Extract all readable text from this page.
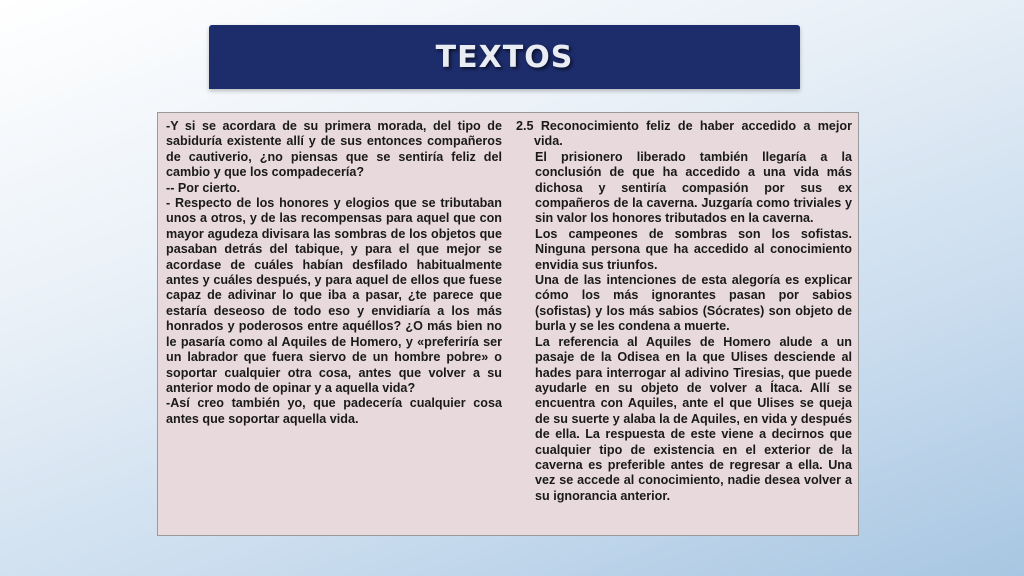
TEXTOS

-Y si se acordara de su primera morada, del tipo de sabiduría existente allí y de sus entonces compañeros de cautiverio, ¿no piensas que se sentiría feliz del cambio y que los compadecería?

-- Por cierto.

- Respecto de los honores y elogios que se tributaban unos a otros, y de las recompensas para aquel que con mayor agudeza divisara las sombras de los objetos que pasaban detrás del tabique, y para el que mejor se acordase de cuáles habían desfilado habitualmente antes y cuáles después, y para aquel de ellos que fuese capaz de adivinar lo que iba a pasar, ¿te parece que estaría deseoso de todo eso y envidiaría a los más honrados y poderosos entre aquéllos? ¿O más bien no le pasaría como al Aquiles de Homero, y «preferiría ser un labrador que fuera siervo de un hombre pobre» o soportar cualquier otra cosa, antes que volver a su anterior modo de opinar y a aquella vida?

-Así creo también yo, que padecería cualquier cosa antes que soportar aquella vida.

2.5 Reconocimiento feliz de haber accedido a mejor vida.

El prisionero liberado también llegaría a la conclusión de que ha accedido a una vida más dichosa y sentiría compasión por sus ex compañeros de la caverna. Juzgaría como triviales y sin valor los honores tributados en la caverna.

Los campeones de sombras son los sofistas. Ninguna persona que ha accedido al conocimiento envidia sus triunfos.

Una de las intenciones de esta alegoría es explicar cómo los más ignorantes pasan por sabios (sofistas) y los más sabios (Sócrates) son objeto de burla y se les condena a muerte.

La referencia al Aquiles de Homero alude a un pasaje de la Odisea en la que Ulises desciende al hades para interrogar al adivino Tiresias, que puede ayudarle en su objeto de volver a Ítaca. Allí se encuentra con Aquiles, ante el que Ulises se queja de su suerte y alaba la de Aquiles, en vida y después de ella. La respuesta de este viene a decirnos que cualquier tipo de existencia en el exterior de la caverna es preferible antes de regresar a ella. Una vez se accede al conocimiento, nadie desea volver a su ignorancia anterior.
